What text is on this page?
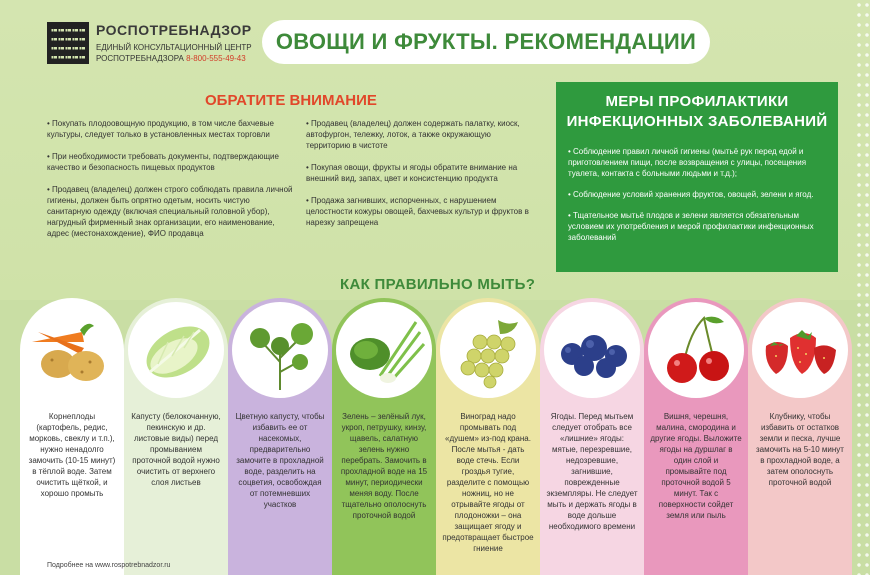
РОСПОТРЕБНАДЗОР
ЕДИНЫЙ КОНСУЛЬТАЦИОННЫЙ ЦЕНТР
РОСПОТРЕБНАДЗОРА 8-800-555-49-43
ОВОЩИ И ФРУКТЫ. РЕКОМЕНДАЦИИ
ОБРАТИТЕ ВНИМАНИЕ

• Покупать плодоовощную продукцию, в том числе бахчевые культуры, следует только в установленных местах торговли

• При необходимости требовать документы, подтверждающие качество и безопасность пищевых продуктов

• Продавец (владелец) должен строго соблюдать правила личной гигиены, должен быть опрятно одетым, носить чистую санитарную одежду (включая специальный головной убор), нагрудный фирменный знак организации, его наименование, адрес (местонахождение), ФИО продавца

• Продавец (владелец) должен содержать палатку, киоск, автофургон, тележку, лоток, а также окружающую территорию в чистоте

• Покупая овощи, фрукты и ягоды обратите внимание на внешний вид, запах, цвет и консистенцию продукта

• Продажа загнивших, испорченных, с нарушением целостности кожуры овощей, бахчевых культур и фруктов в нарезку запрещена

МЕРЫ ПРОФИЛАКТИКИ
ИНФЕКЦИОННЫХ ЗАБОЛЕВАНИЙ

• Соблюдение правил личной гигиены (мытьё рук перед едой и приготовлением пищи, после возвращения с улицы, посещения туалета, контакта с больными людьми и т.д.);

• Соблюдение условий хранения фруктов, овощей, зелени и ягод.

• Тщательное мытьё плодов и зелени является обязательным условием их употребления и мерой профилактики инфекционных заболеваний

КАК ПРАВИЛЬНО МЫТЬ?
Корнеплоды (картофель, редис, морковь, свеклу и т.п.), нужно ненадолго замочить (10-15 минут) в тёплой воде. Затем очистить щёткой, и хорошо промыть
Капусту (белокочанную, пекинскую и др. листовые виды) перед промыванием проточной водой нужно очистить от верхнего слоя листьев
Цветную капусту, чтобы избавить ее от насекомых, предварительно замочите в прохладной воде, разделить на соцветия, освобождая от потемневших участков
Зелень – зелёный лук, укроп, петрушку, кинзу, щавель, салатную зелень нужно перебрать. Замочить в прохладной воде на 15 минут, периодически меняя воду. После тщательно ополоснуть проточной водой
Виноград надо промывать под «душем» из-под крана. После мытья - дать воде стечь. Если гроздья тугие, разделите с помощью ножниц, но не отрывайте ягоды от плодоножки – она защищает ягоду и предотвращает быстрое гниение
Ягоды. Перед мытьем следует отобрать все «лишние» ягоды: мятые, перезревшие, недозревшие, загнившие, поврежденные экземпляры. Не следует мыть и держать ягоды в воде дольше необходимого времени
Вишня, черешня, малина, смородина и другие ягоды. Выложите ягоды на дуршлаг в один слой и промывайте под проточной водой 5 минут. Так с поверхности сойдет земля или пыль
Клубнику, чтобы избавить от остатков земли и песка, лучше замочить на 5-10 минут в прохладной воде, а затем ополоснуть проточной водой
Подробнее на www.rospotrebnadzor.ru
